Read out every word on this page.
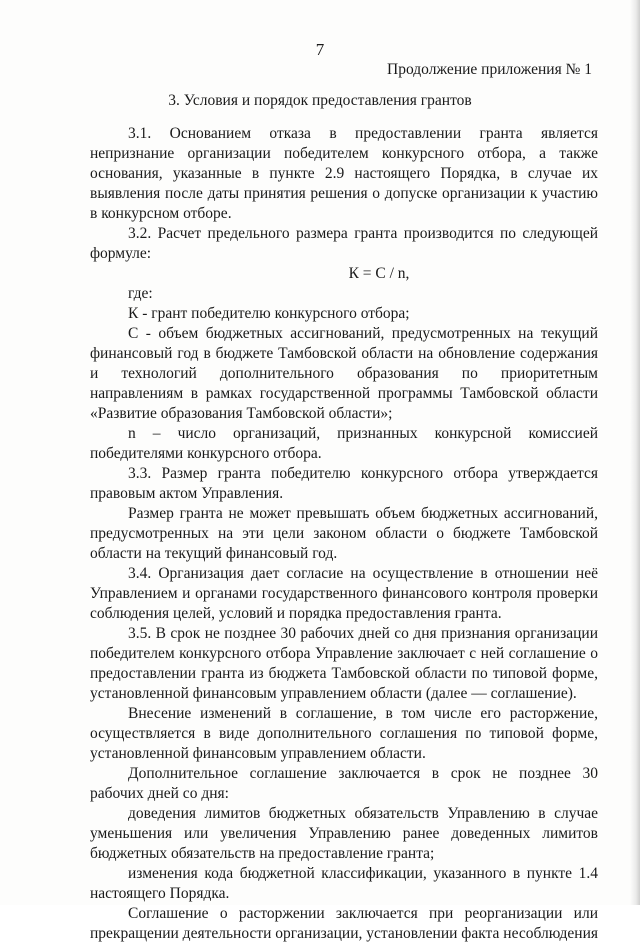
7
Продолжение приложения № 1
3. Условия и порядок предоставления грантов

3.1. Основанием отказа в предоставлении гранта является непризнание организации победителем конкурсного отбора, а также основания, указанные в пункте 2.9 настоящего Порядка, в случае их выявления после даты принятия решения о допуске организации к участию в конкурсном отборе.

3.2. Расчет предельного размера гранта производится по следующей формуле:

К = С / n,

где:

К - грант победителю конкурсного отбора;

С - объем бюджетных ассигнований, предусмотренных на текущий финансовый год в бюджете Тамбовской области на обновление содержания и технологий дополнительного образования по приоритетным направлениям в рамках государственной программы Тамбовской области «Развитие образования Тамбовской области»;

n – число организаций, признанных конкурсной комиссией победителями конкурсного отбора.

3.3. Размер гранта победителю конкурсного отбора утверждается правовым актом Управления.

Размер гранта не может превышать объем бюджетных ассигнований, предусмотренных на эти цели законом области о бюджете Тамбовской области на текущий финансовый год.

3.4. Организация дает согласие на осуществление в отношении неё Управлением и органами государственного финансового контроля проверки соблюдения целей, условий и порядка предоставления гранта.

3.5. В срок не позднее 30 рабочих дней со дня признания организации победителем конкурсного отбора Управление заключает с ней соглашение о предоставлении гранта из бюджета Тамбовской области по типовой форме, установленной финансовым управлением области (далее — соглашение).

Внесение изменений в соглашение, в том числе его расторжение, осуществляется в виде дополнительного соглашения по типовой форме, установленной финансовым управлением области.

Дополнительное соглашение заключается в срок не позднее 30 рабочих дней со дня:

доведения лимитов бюджетных обязательств Управлению в случае уменьшения или увеличения Управлению ранее доведенных лимитов бюджетных обязательств на предоставление гранта;

изменения кода бюджетной классификации, указанного в пункте 1.4 настоящего Порядка.

Соглашение о расторжении заключается при реорганизации или прекращении деятельности организации, установлении факта несоблюдения
